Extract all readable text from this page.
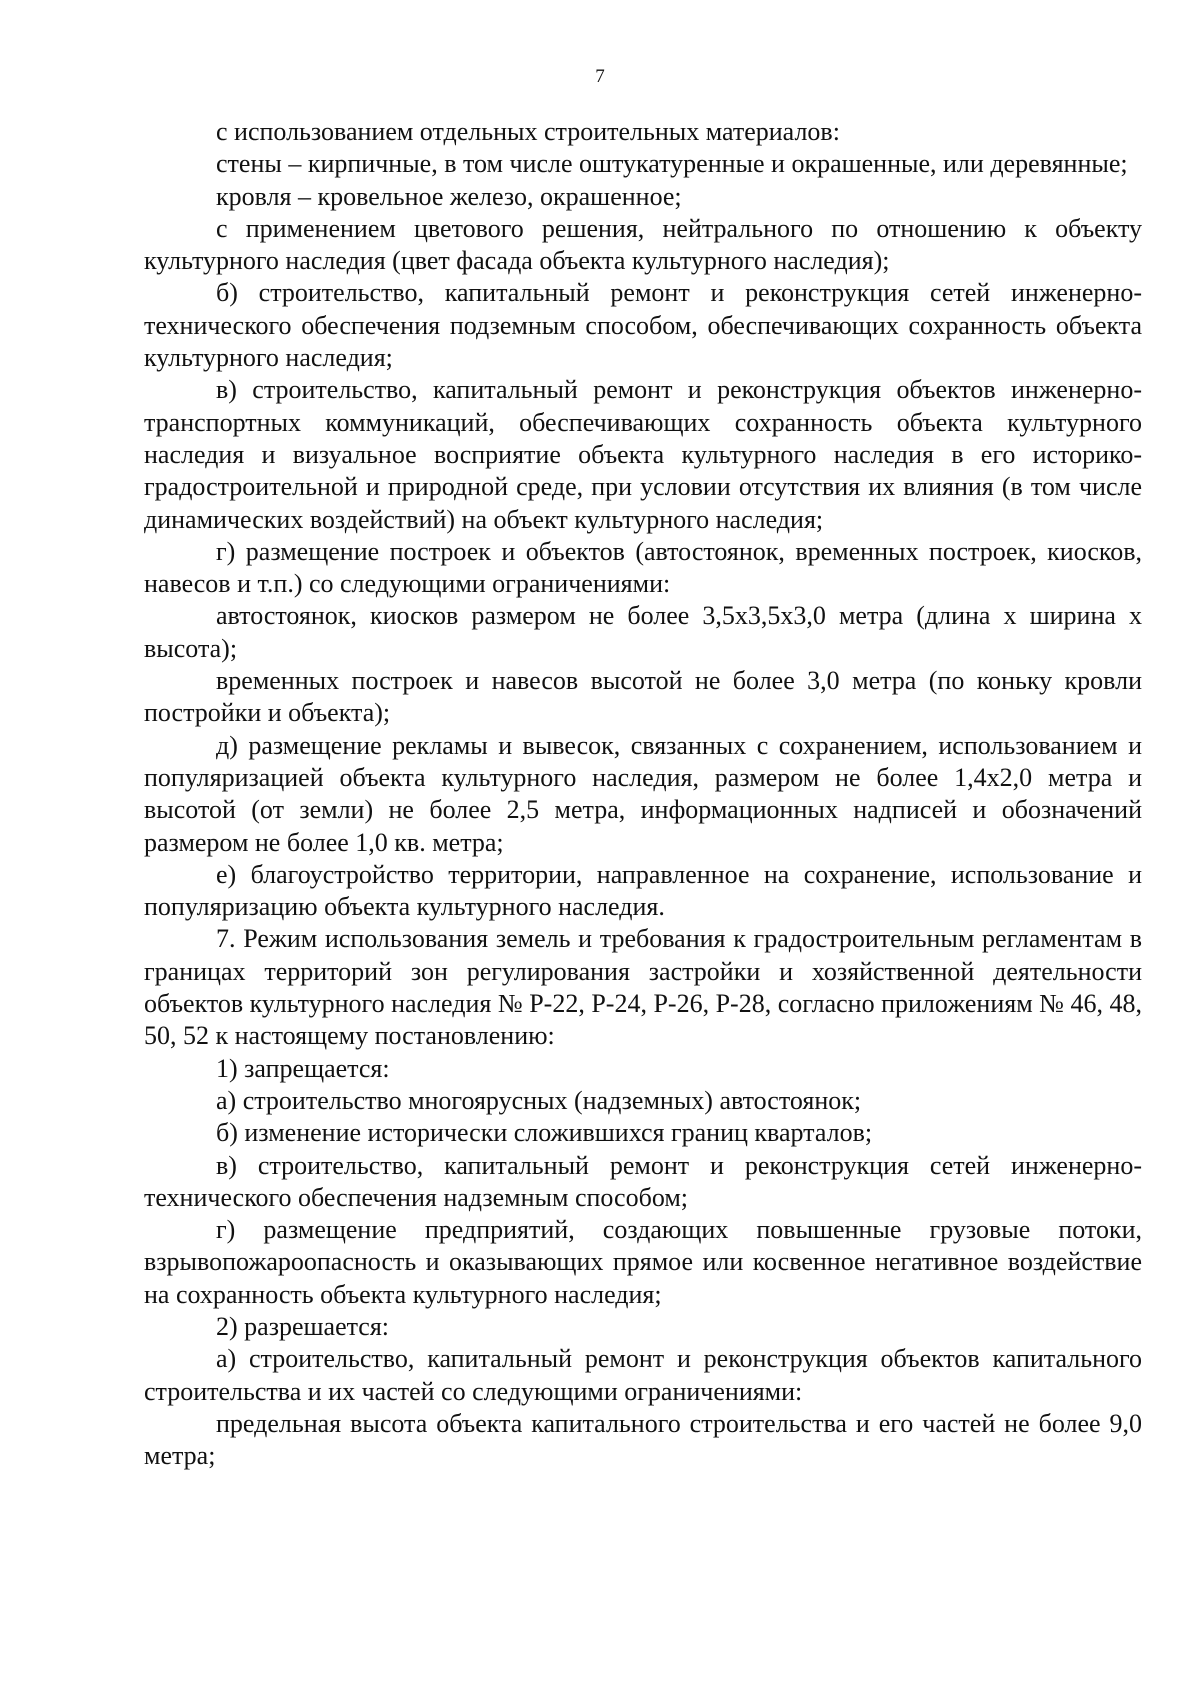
7

с использованием отдельных строительных материалов:

стены – кирпичные, в том числе оштукатуренные и окрашенные, или деревянные;

кровля – кровельное железо, окрашенное;

с применением цветового решения, нейтрального по отношению к объекту культурного наследия (цвет фасада объекта культурного наследия);

б) строительство, капитальный ремонт и реконструкция сетей инженерно-технического обеспечения подземным способом, обеспечивающих сохранность объекта культурного наследия;

в) строительство, капитальный ремонт и реконструкция объектов инженерно-транспортных коммуникаций, обеспечивающих сохранность объекта культурного наследия и визуальное восприятие объекта культурного наследия в его историко-градостроительной и природной среде, при условии отсутствия их влияния (в том числе динамических воздействий) на объект культурного наследия;

г) размещение построек и объектов (автостоянок, временных построек, киосков, навесов и т.п.) со следующими ограничениями:

автостоянок, киосков размером не более 3,5х3,5х3,0 метра (длина х ширина х высота);

временных построек и навесов высотой не более 3,0 метра (по коньку кровли постройки и объекта);

д) размещение рекламы и вывесок, связанных с сохранением, использованием и популяризацией объекта культурного наследия, размером не более 1,4х2,0 метра и высотой (от земли) не более 2,5 метра, информационных надписей и обозначений размером не более 1,0 кв. метра;

е) благоустройство территории, направленное на сохранение, использование и популяризацию объекта культурного наследия.

7. Режим использования земель и требования к градостроительным регламентам в границах территорий зон регулирования застройки и хозяйственной деятельности объектов культурного наследия № Р-22, Р-24, Р-26, Р-28, согласно приложениям № 46, 48, 50, 52 к настоящему постановлению:

1) запрещается:

а) строительство многоярусных (надземных) автостоянок;

б) изменение исторически сложившихся границ кварталов;

в) строительство, капитальный ремонт и реконструкция сетей инженерно-технического обеспечения надземным способом;

г) размещение предприятий, создающих повышенные грузовые потоки, взрывопожароопасность и оказывающих прямое или косвенное негативное воздействие на сохранность объекта культурного наследия;

2) разрешается:

а) строительство, капитальный ремонт и реконструкция объектов капитального строительства и их частей со следующими ограничениями:

предельная высота объекта капитального строительства и его частей не более 9,0 метра;
